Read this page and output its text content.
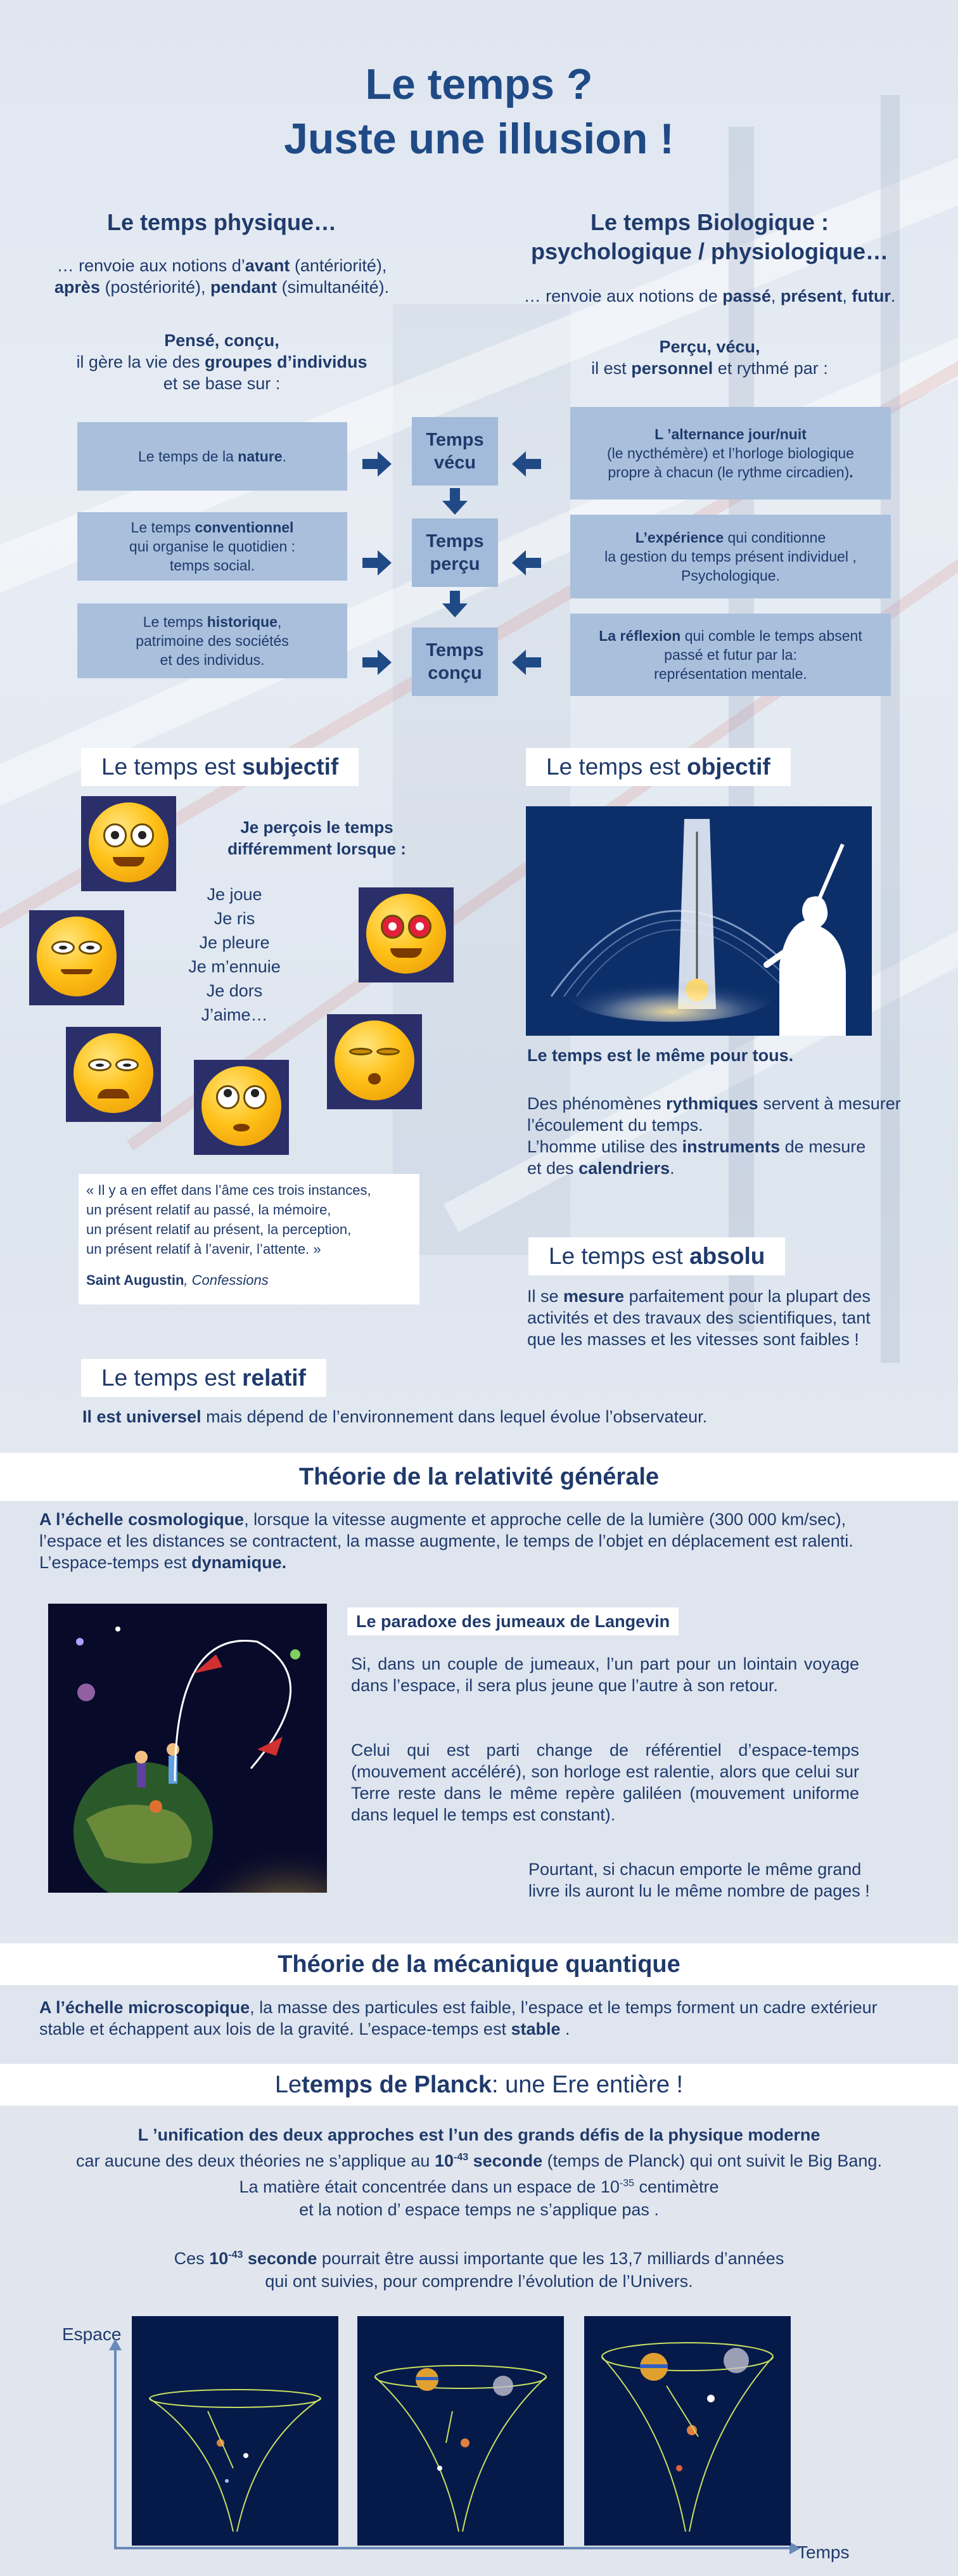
Le temps ?
Juste une illusion !
Le temps physique…
… renvoie aux notions d’avant (antériorité),
après (postériorité), pendant (simultanéité).
Pensé, conçu,
il gère la vie des groupes d’individus
et se base sur :
Le temps de la nature.
Le temps conventionnel
qui organise le quotidien :
temps social.
Le temps historique,
patrimoine des sociétés
et des individus.
Temps
vécu
Temps
perçu
Temps
conçu
Le temps Biologique :
psychologique / physiologique…
… renvoie aux notions de passé, présent, futur.
Perçu, vécu,
il est personnel et rythmé par :
L ’alternance jour/nuit
(le nycthémère) et l’horloge biologique
propre à chacun (le rythme circadien).
L’expérience qui conditionne
la gestion du temps présent individuel ,
Psychologique.
La réflexion qui comble le temps absent
passé et futur par la:
représentation mentale.
Le temps est subjectif
Je perçois le temps
différemment lorsque :
Je joue
Je ris
Je pleure
Je m’ennuie
Je dors
J’aime…
« Il y a en effet dans l’âme ces trois instances,
un présent relatif au passé, la mémoire,
un présent relatif au présent, la perception,
un présent relatif à l’avenir, l’attente. »
Saint Augustin, Confessions
Le temps est objectif
Le temps est le même pour tous.
Des phénomènes rythmiques servent à mesurer
l’écoulement du temps.
L’homme utilise des instruments de mesure
et des calendriers.
Le temps est absolu
Il se mesure parfaitement pour la plupart des
activités et des travaux des scientifiques, tant
que les masses et les vitesses sont faibles !
Le temps est relatif
Il est universel mais dépend de l’environnement dans lequel évolue l’observateur.
Théorie de la relativité générale
A l’échelle cosmologique, lorsque la vitesse augmente et approche celle de la lumière (300 000 km/sec),
l’espace et les distances se contractent, la masse augmente, le temps de l’objet en déplacement est ralenti.
L’espace-temps est dynamique.
Le paradoxe des jumeaux de Langevin
Si, dans un couple de jumeaux, l’un part pour un lointain voyage dans l’espace, il sera plus jeune que l’autre à son retour.
Celui qui est parti change de référentiel d’espace-temps (mouvement accéléré), son horloge est ralentie, alors que celui sur Terre reste dans le même repère galiléen (mouvement uniforme dans lequel le temps est constant).
Pourtant, si chacun emporte le même grand
livre ils auront lu le même nombre de pages !
Théorie de la mécanique quantique
A l’échelle microscopique, la masse des particules est faible, l’espace et le temps forment un cadre extérieur
stable et échappent aux lois de la gravité. L’espace-temps est stable .
Le temps de Planck : une Ere entière !
L ’unification des deux approches est l’un des grands défis de la physique moderne
car aucune des deux théories ne s’applique au $10^{-43}$ seconde (temps de Planck) qui ont suivit le Big Bang.
La matière était concentrée dans un espace de $10^{-35}$ centimètre
et la notion d’ espace temps ne s’applique pas .
Ces $10^{-43}$ seconde pourrait être aussi importante que les 13,7 milliards d’années
qui ont suivies, pour comprendre l’évolution de l’Univers.
Espace
Temps
